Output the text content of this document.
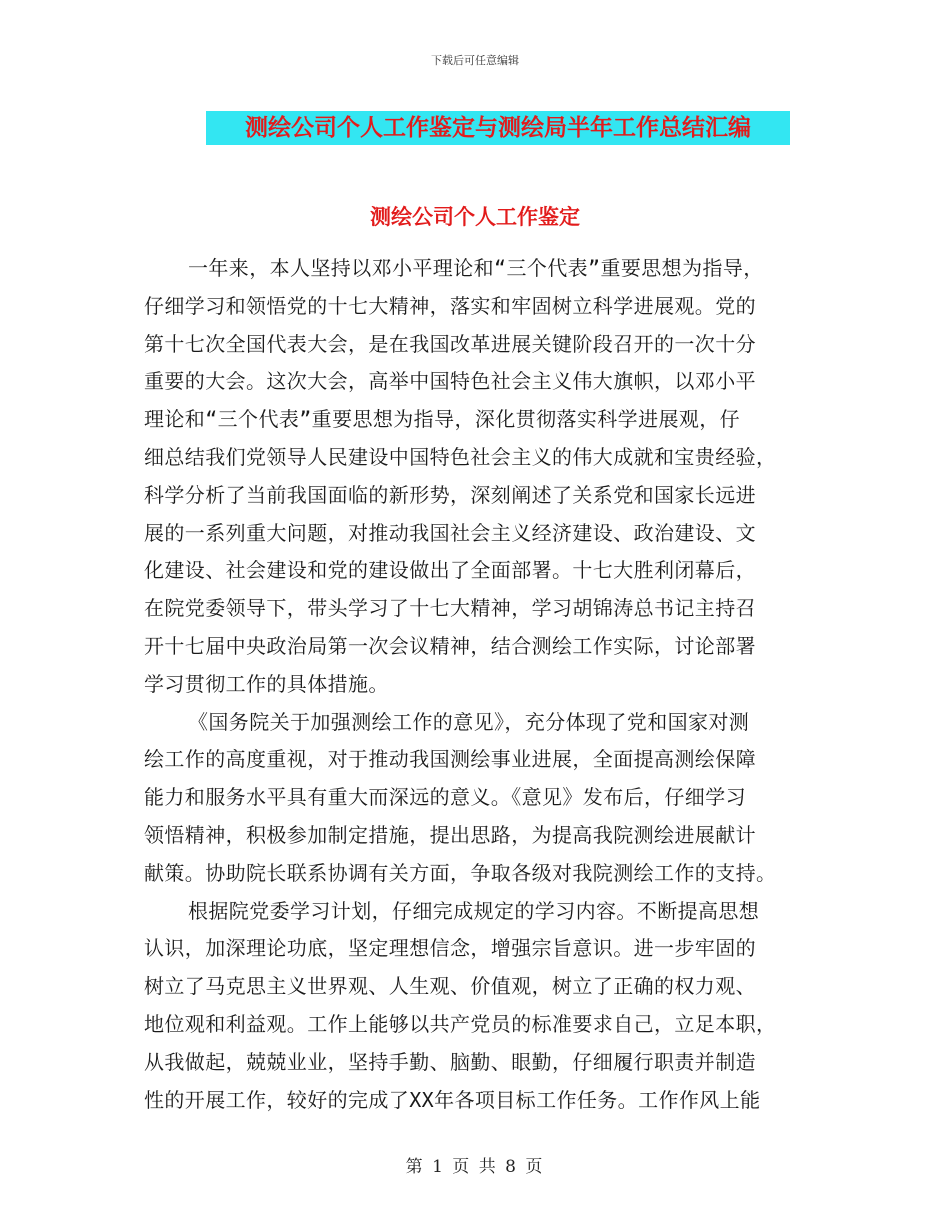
下载后可任意编辑
测绘公司个人工作鉴定与测绘局半年工作总结汇编
测绘公司个人工作鉴定
一年来，本人坚持以邓小平理论和“三个代表”重要思想为指导，
仔细学习和领悟党的十七大精神，落实和牢固树立科学进展观。党的
第十七次全国代表大会，是在我国改革进展关键阶段召开的一次十分
重要的大会。这次大会，高举中国特色社会主义伟大旗帜，以邓小平
理论和“三个代表”重要思想为指导，深化贯彻落实科学进展观，仔
细总结我们党领导人民建设中国特色社会主义的伟大成就和宝贵经验，
科学分析了当前我国面临的新形势，深刻阐述了关系党和国家长远进
展的一系列重大问题，对推动我国社会主义经济建设、政治建设、文
化建设、社会建设和党的建设做出了全面部署。十七大胜利闭幕后，
在院党委领导下，带头学习了十七大精神，学习胡锦涛总书记主持召
开十七届中央政治局第一次会议精神，结合测绘工作实际，讨论部署
学习贯彻工作的具体措施。
《国务院关于加强测绘工作的意见》，充分体现了党和国家对测
绘工作的高度重视，对于推动我国测绘事业进展，全面提高测绘保障
能力和服务水平具有重大而深远的意义。《意见》发布后，仔细学习
领悟精神，积极参加制定措施，提出思路，为提高我院测绘进展献计
献策。协助院长联系协调有关方面，争取各级对我院测绘工作的支持。
根据院党委学习计划，仔细完成规定的学习内容。不断提高思想
认识，加深理论功底，坚定理想信念，增强宗旨意识。进一步牢固的
树立了马克思主义世界观、人生观、价值观，树立了正确的权力观、
地位观和利益观。工作上能够以共产党员的标准要求自己，立足本职，
从我做起，兢兢业业，坚持手勤、脑勤、眼勤，仔细履行职责并制造
性的开展工作，较好的完成了XX年各项目标工作任务。工作作风上能
第 1 页 共 8 页
